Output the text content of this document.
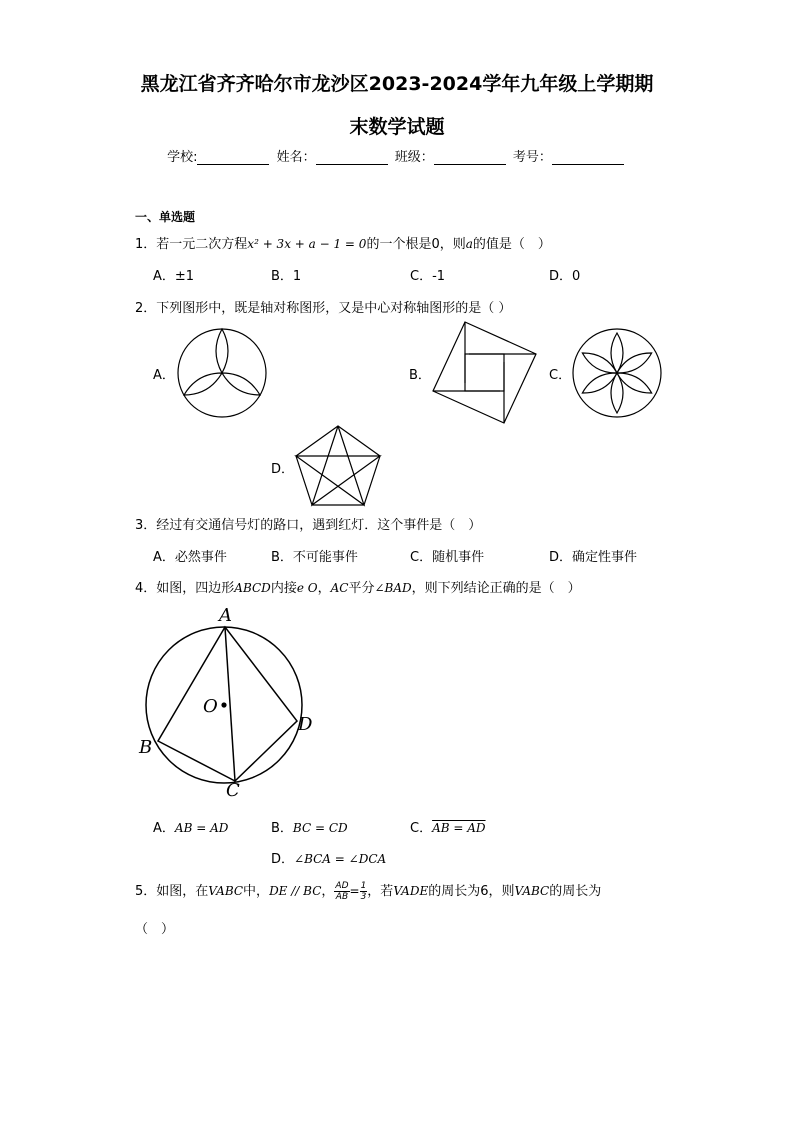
黑龙江省齐齐哈尔市龙沙区2023-2024学年九年级上学期期
末数学试题
学校:	姓名：	班级：	考号：
一、单选题
1．若一元二次方程x² + 3x + a − 1 = 0的一个根是0，则a的值是（　）
A．±1	B．1	C．-1	D．0
2．下列图形中，既是轴对称图形，又是中心对称轴图形的是（ ）
A．	B．	C．
D．
3．经过有交通信号灯的路口，遇到红灯．这个事件是（　）
A．必然事件	B．不可能事件	C．随机事件	D．确定性事件
4．如图，四边形ABCD内接e O，AC平分∠BAD，则下列结论正确的是（　）
A
O
B
C
D
A．AB = AD	B．BC = CD	C．AB = AD
D．∠BCA = ∠DCA
5．如图，在VABC中，DE // BC， $\frac{AD}{AB}= \frac{1}{3}$，若VADE的周长为6，则VABC的周长为
（　）
